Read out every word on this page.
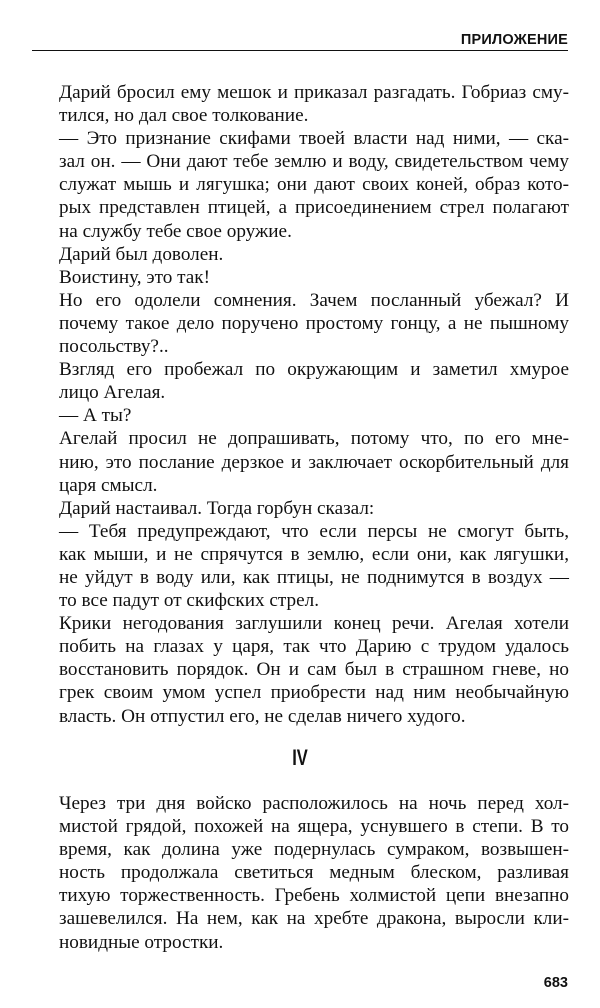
ПРИЛОЖЕНИЕ

Дарий бросил ему мешок и приказал разгадать. Гобриаз сму-
тился, но дал свое толкование.

— Это признание скифами твоей власти над ними, — ска-
зал он. — Они дают тебе землю и воду, свидетельством чему
служат мышь и лягушка; они дают своих коней, образ кото-
рых представлен птицей, а присоединением стрел полагают
на службу тебе свое оружие.

Дарий был доволен.

Воистину, это так!

Но его одолели сомнения. Зачем посланный убежал? И
почему такое дело поручено простому гонцу, а не пышному
посольству?..

Взгляд его пробежал по окружающим и заметил хмурое
лицо Агелая.

— А ты?

Агелай просил не допрашивать, потому что, по его мне-
нию, это послание дерзкое и заключает оскорбительный для
царя смысл.

Дарий настаивал. Тогда горбун сказал:

— Тебя предупреждают, что если персы не смогут быть,
как мыши, и не спрячутся в землю, если они, как лягушки,
не уйдут в воду или, как птицы, не поднимутся в воздух —
то все падут от скифских стрел.

Крики негодования заглушили конец речи. Агелая хотели
побить на глазах у царя, так что Дарию с трудом удалось
восстановить порядок. Он и сам был в страшном гневе, но
грек своим умом успел приобрести над ним необычайную
власть. Он отпустил его, не сделав ничего худого.

IV

Через три дня войско расположилось на ночь перед хол-
мистой грядой, похожей на ящера, уснувшего в степи. В то
время, как долина уже подернулась сумраком, возвышен-
ность продолжала светиться медным блеском, разливая
тихую торжественность. Гребень холмистой цепи внезапно
зашевелился. На нем, как на хребте дракона, выросли кли-
новидные отростки.

683
